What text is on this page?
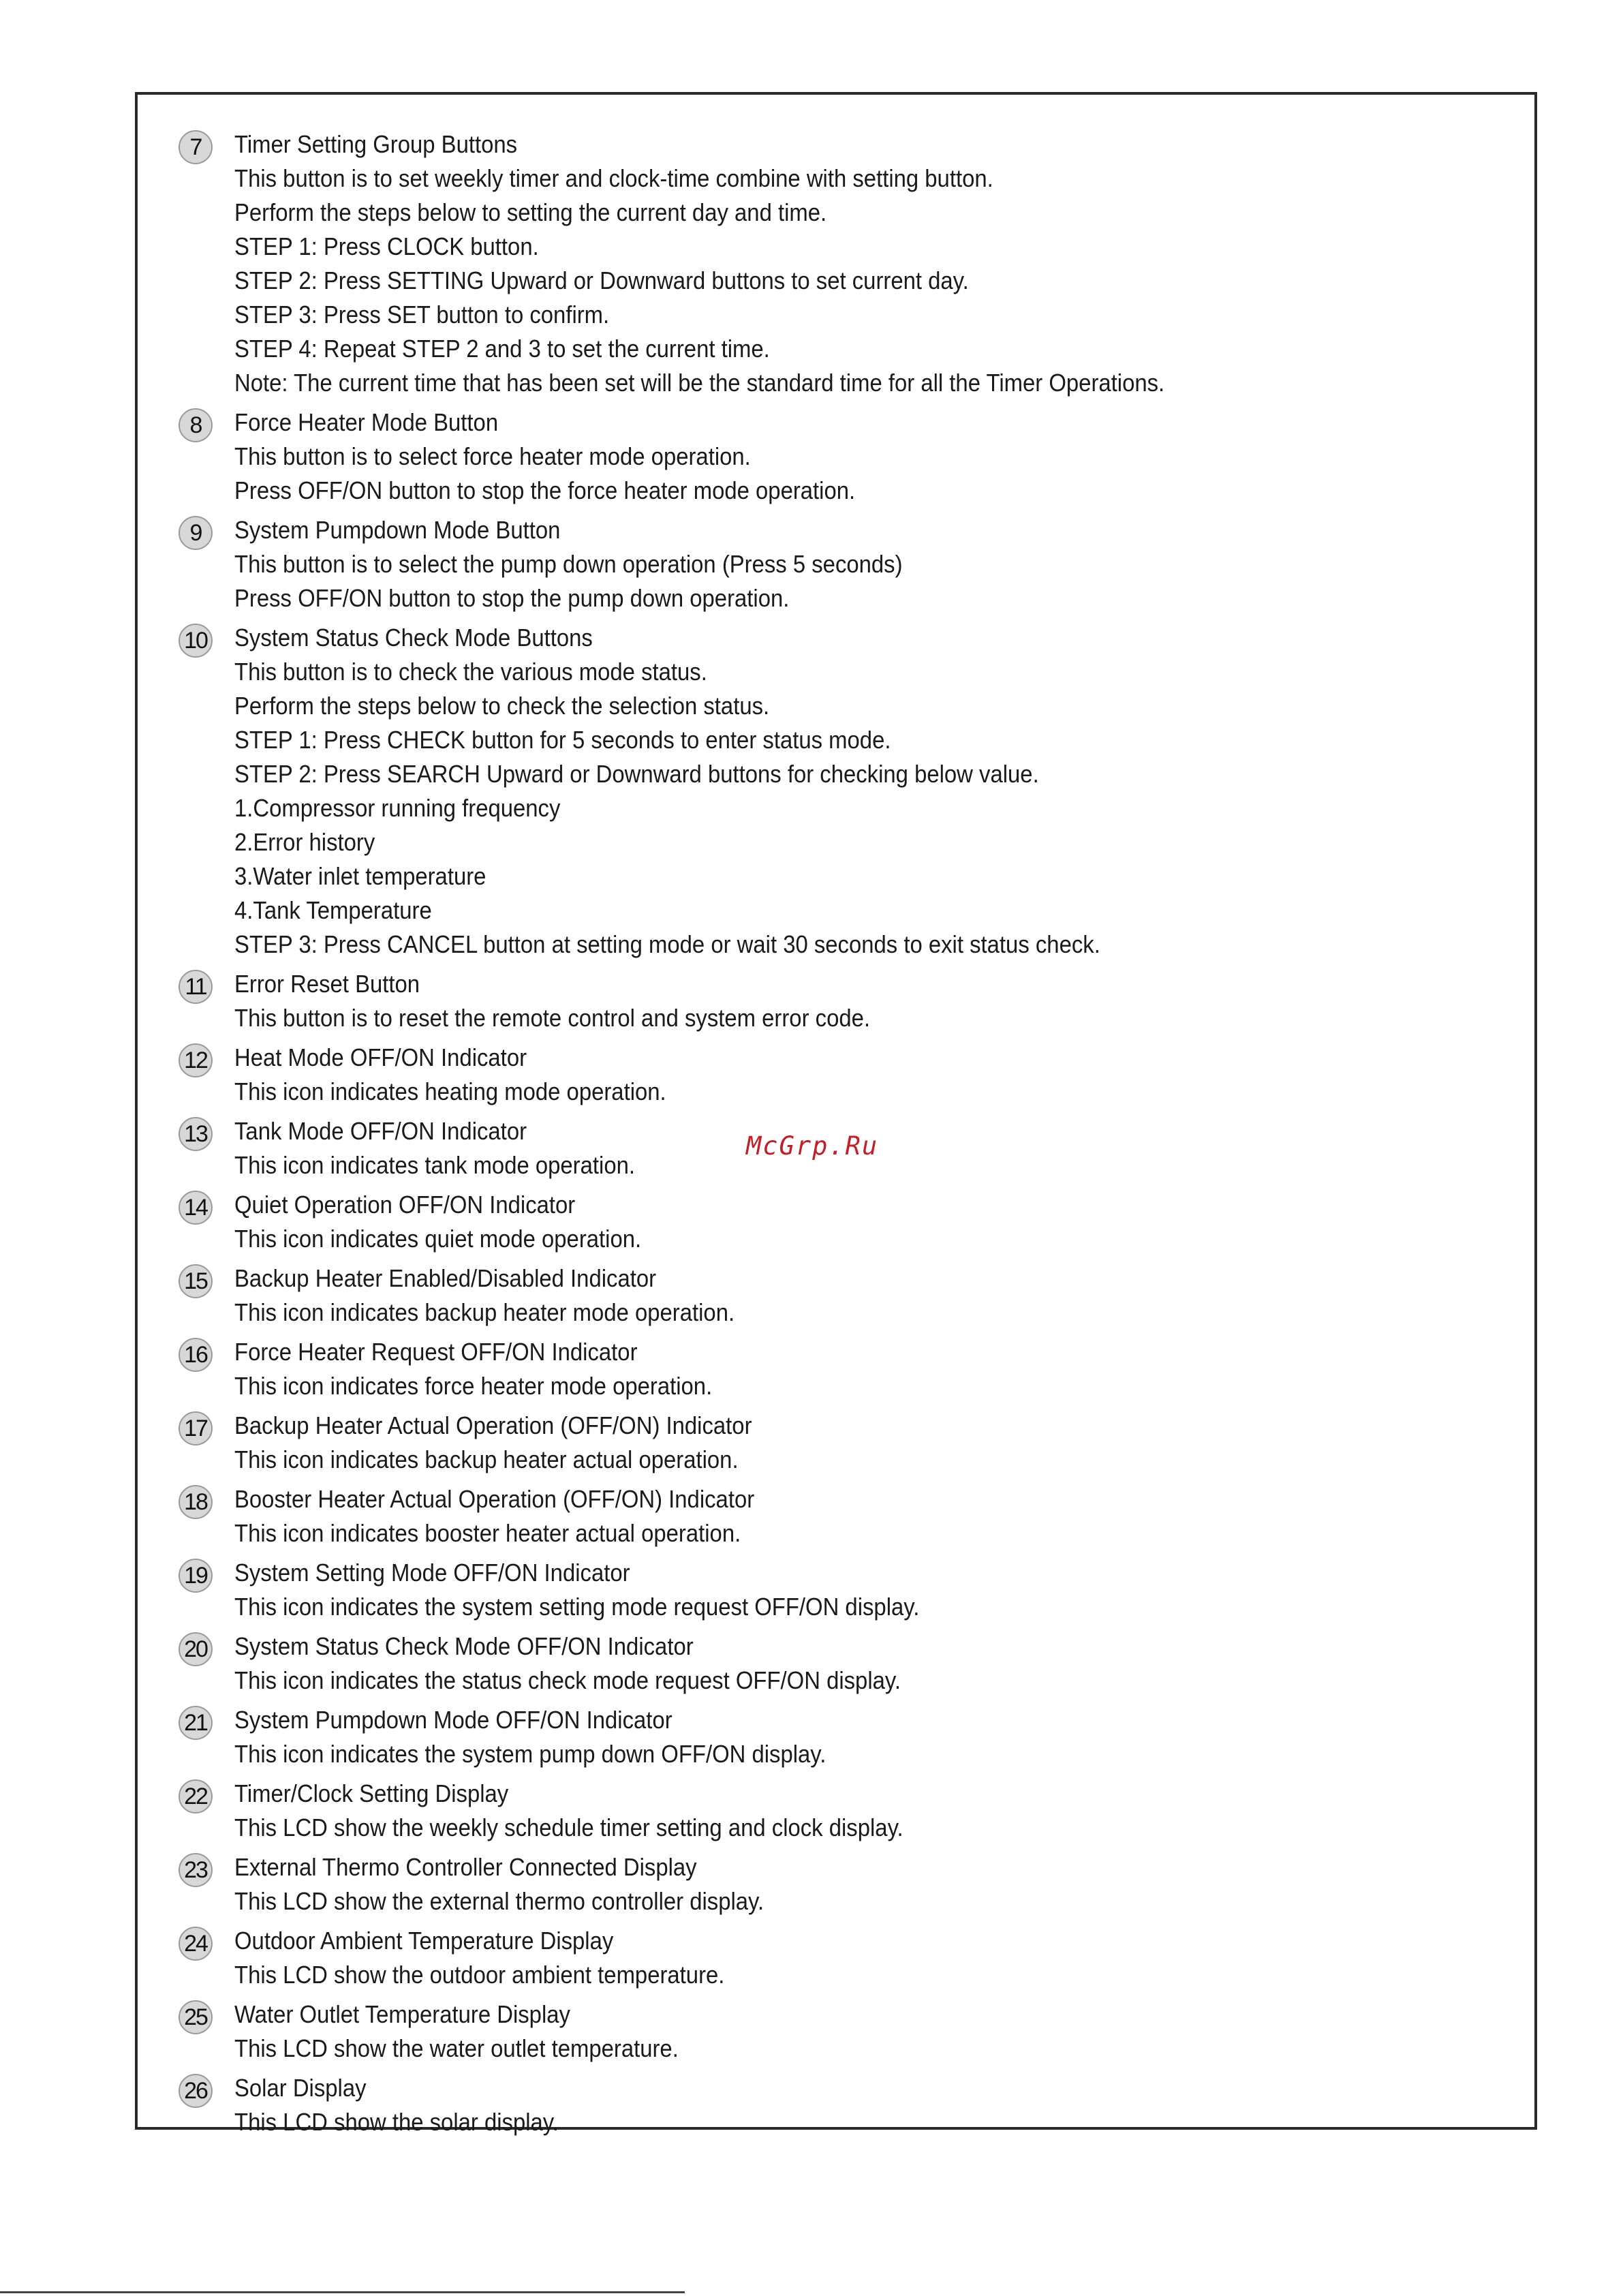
7	Timer Setting Group Buttons
This button is to set weekly timer and clock-time combine with setting button.
Perform the steps below to setting the current day and time.
STEP 1: Press CLOCK button.
STEP 2: Press SETTING Upward or Downward buttons to set current day.
STEP 3: Press SET button to confirm.
STEP 4: Repeat STEP 2 and 3 to set the current time.
Note: The current time that has been set will be the standard time for all the Timer Operations.
8	Force Heater Mode Button
This button is to select force heater mode operation.
Press OFF/ON button to stop the force heater mode operation.
9	System Pumpdown Mode Button
This button is to select the pump down operation (Press 5 seconds)
Press OFF/ON button to stop the pump down operation.
10 System Status Check Mode Buttons
This button is to check the various mode status.
Perform the steps below to check the selection status.
STEP 1: Press CHECK button for 5 seconds to enter status mode.
STEP 2: Press SEARCH Upward or Downward buttons for checking below value.
1.Compressor running frequency
2.Error history
3.Water inlet temperature
4.Tank Temperature
STEP 3: Press CANCEL button at setting mode or wait 30 seconds to exit status check.
11 Error Reset Button
This button is to reset the remote control and system error code.
12 Heat Mode OFF/ON Indicator
This icon indicates heating mode operation.
13 Tank Mode OFF/ON Indicator
This icon indicates tank mode operation.
14 Quiet Operation OFF/ON Indicator
This icon indicates quiet mode operation.
15 Backup Heater Enabled/Disabled Indicator
This icon indicates backup heater mode operation.
16 Force Heater Request OFF/ON Indicator
This icon indicates force heater mode operation.
17 Backup Heater Actual Operation (OFF/ON) Indicator
This icon indicates backup heater actual operation.
18 Booster Heater Actual Operation (OFF/ON) Indicator
This icon indicates booster heater actual operation.
19 System Setting Mode OFF/ON Indicator
This icon indicates the system setting mode request OFF/ON display.
20 System Status Check Mode OFF/ON Indicator
This icon indicates the status check mode request OFF/ON display.
21 System Pumpdown Mode OFF/ON Indicator
This icon indicates the system pump down OFF/ON display.
22 Timer/Clock Setting Display
This LCD show the weekly schedule timer setting and clock display.
23 External Thermo Controller Connected Display
This LCD show the external thermo controller display.
24 Outdoor Ambient Temperature Display
This LCD show the outdoor ambient temperature.
25 Water Outlet Temperature Display
This LCD show the water outlet temperature.
26 Solar Display
This LCD show the solar display.
McGrp.Ru
